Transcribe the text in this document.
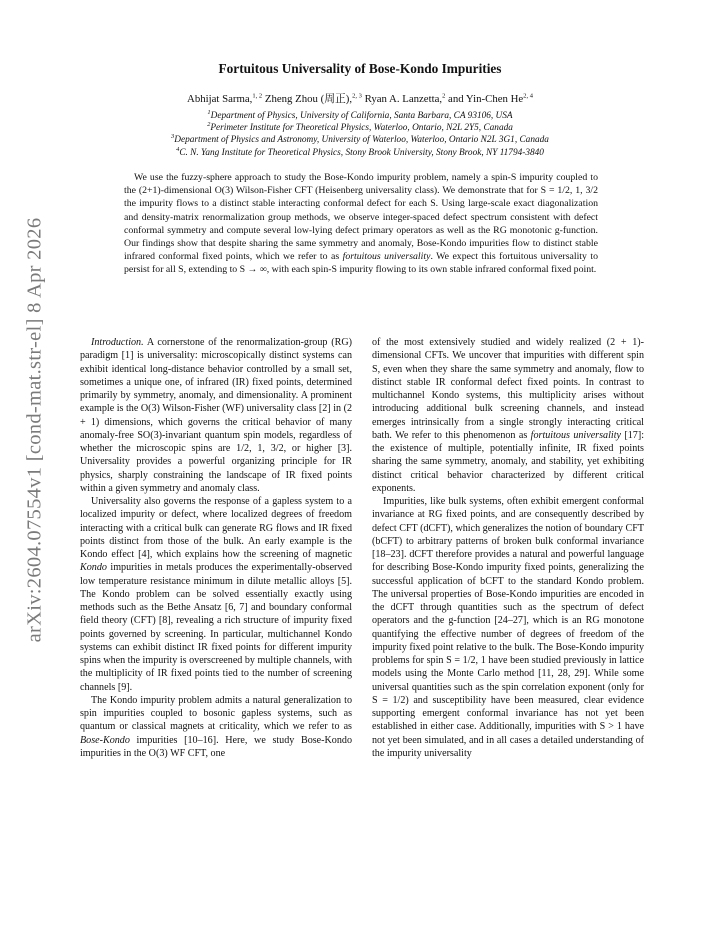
arXiv:2604.07554v1 [cond-mat.str-el] 8 Apr 2026
Fortuitous Universality of Bose-Kondo Impurities
Abhijat Sarma,$^{1, 2}$ Zheng Zhou (周正),$^{2, 3}$ Ryan A. Lanzetta,$^2$ and Yin-Chen He$^{2, 4}$
$^1$Department of Physics, University of California, Santa Barbara, CA 93106, USA
$^2$Perimeter Institute for Theoretical Physics, Waterloo, Ontario, N2L 2Y5, Canada
$^3$Department of Physics and Astronomy, University of Waterloo, Waterloo, Ontario N2L 3G1, Canada
$^4$C. N. Yang Institute for Theoretical Physics, Stony Brook University, Stony Brook, NY 11794-3840
We use the fuzzy-sphere approach to study the Bose-Kondo impurity problem, namely a spin-S impurity coupled to the (2+1)-dimensional O(3) Wilson-Fisher CFT (Heisenberg universality class). We demonstrate that for S = 1/2, 1, 3/2 the impurity flows to a distinct stable interacting conformal defect for each S. Using large-scale exact diagonalization and density-matrix renormalization group methods, we observe integer-spaced defect spectrum consistent with defect conformal symmetry and compute several low-lying defect primary operators as well as the RG monotonic g-function. Our findings show that despite sharing the same symmetry and anomaly, Bose-Kondo impurities flow to distinct stable infrared conformal fixed points, which we refer to as fortuitous universality. We expect this fortuitous universality to persist for all S, extending to S → ∞, with each spin-S impurity flowing to its own stable infrared conformal fixed point.

Introduction. A cornerstone of the renormalization-group (RG) paradigm [1] is universality: microscopically distinct systems can exhibit identical long-distance behavior controlled by a small set, sometimes a unique one, of infrared (IR) fixed points, determined primarily by symmetry, anomaly, and dimensionality. A prominent example is the O(3) Wilson-Fisher (WF) universality class [2] in (2 + 1) dimensions, which governs the critical behavior of many anomaly-free SO(3)-invariant quantum spin models, regardless of whether the microscopic spins are 1/2, 1, 3/2, or higher [3]. Universality provides a powerful organizing principle for IR physics, sharply constraining the landscape of IR fixed points within a given symmetry and anomaly class.

Universality also governs the response of a gapless system to a localized impurity or defect, where localized degrees of freedom interacting with a critical bulk can generate RG flows and IR fixed points distinct from those of the bulk. An early example is the Kondo effect [4], which explains how the screening of magnetic Kondo impurities in metals produces the experimentally-observed low temperature resistance minimum in dilute metallic alloys [5]. The Kondo problem can be solved essentially exactly using methods such as the Bethe Ansatz [6, 7] and boundary conformal field theory (CFT) [8], revealing a rich structure of impurity fixed points governed by screening. In particular, multichannel Kondo systems can exhibit distinct IR fixed points for different impurity spins when the impurity is overscreened by multiple channels, with the multiplicity of IR fixed points tied to the number of screening channels [9].

The Kondo impurity problem admits a natural generalization to spin impurities coupled to bosonic gapless systems, such as quantum or classical magnets at criticality, which we refer to as Bose-Kondo impurities [10–16]. Here, we study Bose-Kondo impurities in the O(3) WF CFT, one

of the most extensively studied and widely realized (2 + 1)-dimensional CFTs. We uncover that impurities with different spin S, even when they share the same symmetry and anomaly, flow to distinct stable IR conformal defect fixed points. In contrast to multichannel Kondo systems, this multiplicity arises without introducing additional bulk screening channels, and instead emerges intrinsically from a single strongly interacting critical bath. We refer to this phenomenon as fortuitous universality [17]: the existence of multiple, potentially infinite, IR fixed points sharing the same symmetry, anomaly, and stability, yet exhibiting distinct critical behavior characterized by different critical exponents.

Impurities, like bulk systems, often exhibit emergent conformal invariance at RG fixed points, and are consequently described by defect CFT (dCFT), which generalizes the notion of boundary CFT (bCFT) to arbitrary patterns of broken bulk conformal invariance [18–23]. dCFT therefore provides a natural and powerful language for describing Bose-Kondo impurity fixed points, generalizing the successful application of bCFT to the standard Kondo problem. The universal properties of Bose-Kondo impurities are encoded in the dCFT through quantities such as the spectrum of defect operators and the g-function [24–27], which is an RG monotone quantifying the effective number of degrees of freedom of the impurity fixed point relative to the bulk. The Bose-Kondo impurity problems for spin S = 1/2, 1 have been studied previously in lattice models using the Monte Carlo method [11, 28, 29]. While some universal quantities such as the spin correlation exponent (only for S = 1/2) and susceptibility have been measured, clear evidence supporting emergent conformal invariance has not yet been established in either case. Additionally, impurities with S > 1 have not yet been simulated, and in all cases a detailed understanding of the impurity universality
